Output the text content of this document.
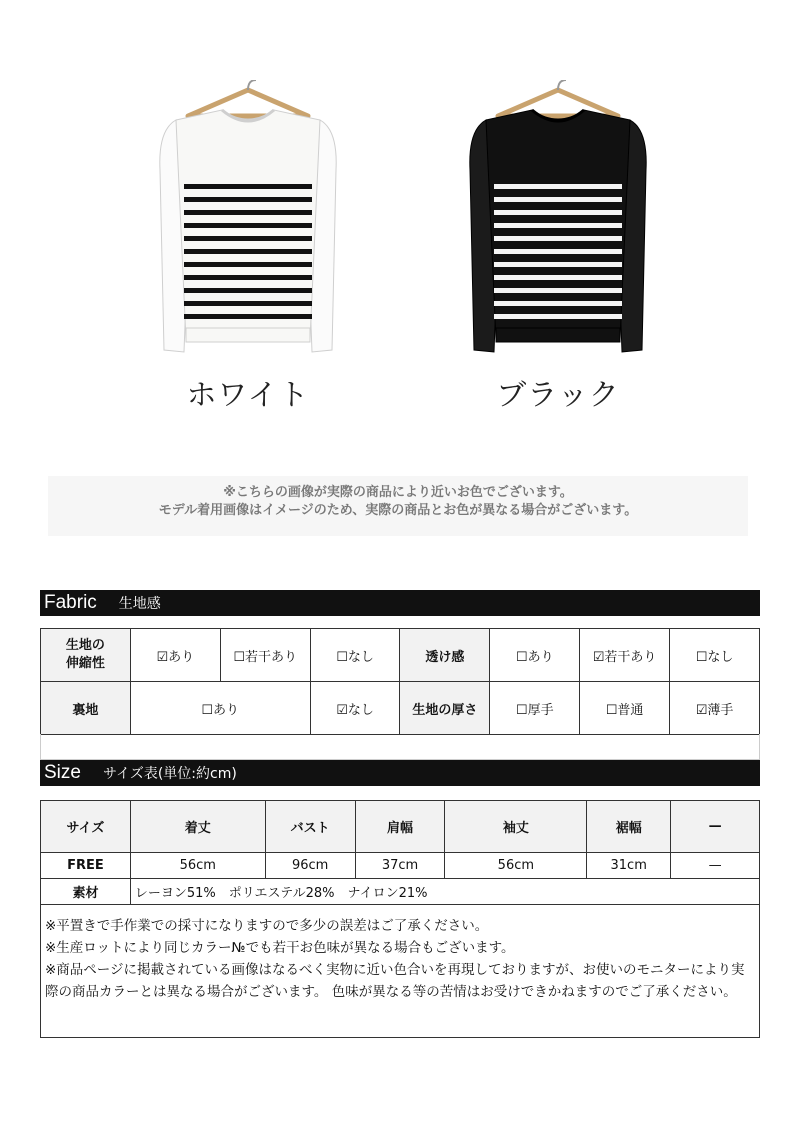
ホワイト	ブラック
※こちらの画像が実際の商品により近いお色でございます。
モデル着用画像はイメージのため、実際の商品とお色が異なる場合がございます。
Fabric 生地感
生地の
伸縮性	☑あり	☐若干あり	☐なし	透け感	☐あり	☑若干あり	☐なし
裏地	☐あり		☑なし	生地の厚さ	☐厚手	☐普通	☑薄手
Size サイズ表(単位:約cm)
サイズ	着丈	バスト	肩幅	袖丈	裾幅	—
FREE	56cm	96cm	37cm	56cm	31cm	—
素材	レーヨン51%　ポリエステル28%　ナイロン21%					

※平置きで手作業での採寸になりますので多少の誤差はご了承ください。

※生産ロットにより同じカラー№でも若干お色味が異なる場合もございます。

※商品ページに掲載されている画像はなるべく実物に近い色合いを再現しておりますが、お使いのモニターにより実際の商品カラーとは異なる場合がございます。 色味が異なる等の苦情はお受けできかねますのでご了承ください。
